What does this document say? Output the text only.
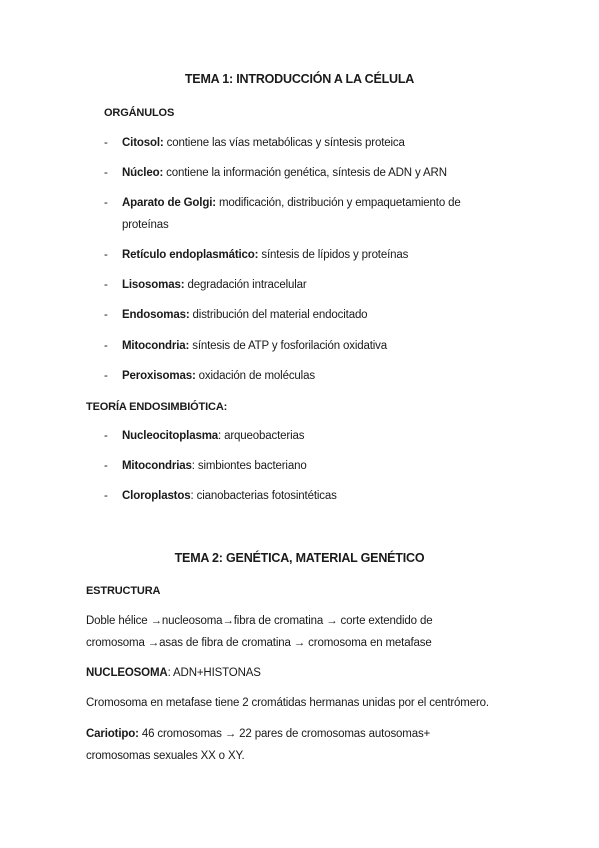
TEMA 1: INTRODUCCIÓN A LA CÉLULA
ORGÁNULOS
- Citosol: contiene las vías metabólicas y síntesis proteica
- Núcleo: contiene la información genética, síntesis de ADN y ARN
- Aparato de Golgi: modificación, distribución y empaquetamiento de proteínas
- Retículo endoplasmático: síntesis de lípidos y proteínas
- Lisosomas: degradación intracelular
- Endosomas: distribución del material endocitado
- Mitocondria: síntesis de ATP y fosforilación oxidativa
- Peroxisomas: oxidación de moléculas
TEORÍA ENDOSIMBIÓTICA:
- Nucleocitoplasma: arqueobacterias
- Mitocondrias: simbiontes bacteriano
- Cloroplastos: cianobacterias fotosintéticas
TEMA 2: GENÉTICA, MATERIAL GENÉTICO
ESTRUCTURA
Doble hélice →nucleosoma→fibra de cromatina → corte extendido de cromosoma →asas de fibra de cromatina → cromosoma en metafase
NUCLEOSOMA: ADN+HISTONAS
Cromosoma en metafase tiene 2 cromátidas hermanas unidas por el centrómero.
Cariotipo: 46 cromosomas → 22 pares de cromosomas autosomas+ cromosomas sexuales XX o XY.
